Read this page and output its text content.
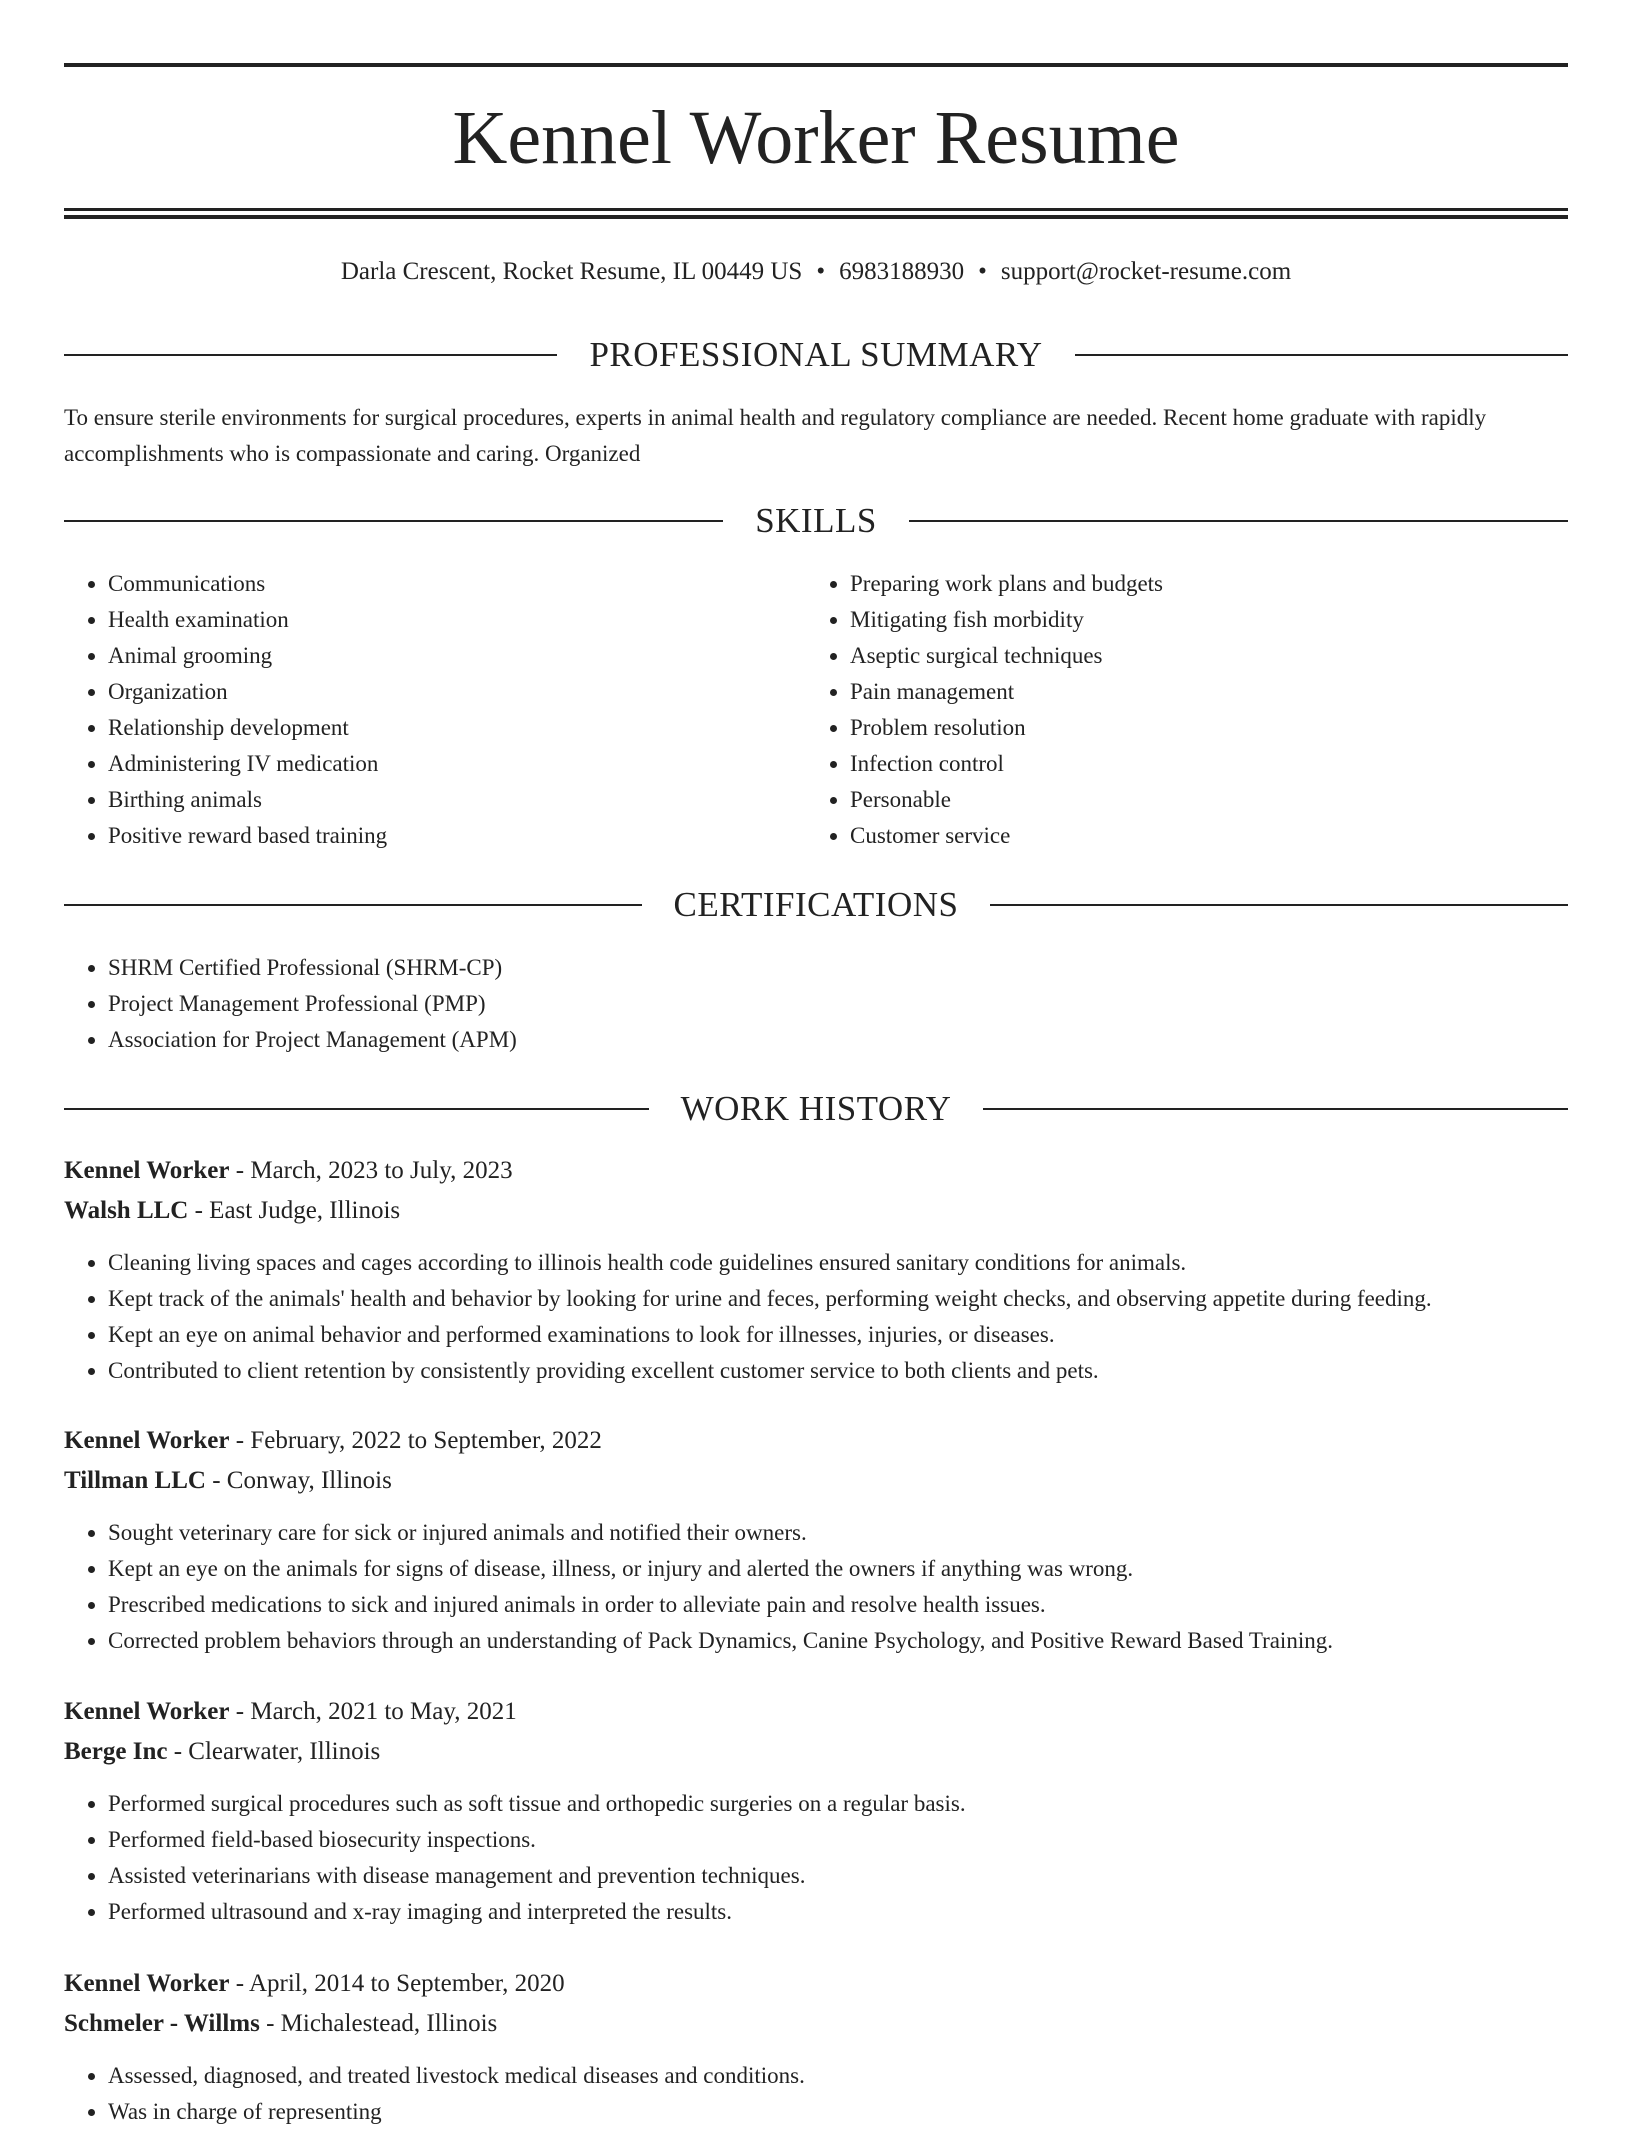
Kennel Worker Resume
Darla Crescent, Rocket Resume, IL 00449 US • 6983188930 • support@rocket-resume.com
PROFESSIONAL SUMMARY

To ensure sterile environments for surgical procedures, experts in animal health and regulatory compliance are needed. Recent home graduate with rapidly accomplishments who is compassionate and caring. Organized

SKILLS
• Communications
• Health examination
• Animal grooming
• Organization
• Relationship development
• Administering IV medication
• Birthing animals
• Positive reward based training
• Preparing work plans and budgets
• Mitigating fish morbidity
• Aseptic surgical techniques
• Pain management
• Problem resolution
• Infection control
• Personable
• Customer service
CERTIFICATIONS
• SHRM Certified Professional (SHRM-CP)
• Project Management Professional (PMP)
• Association for Project Management (APM)
WORK HISTORY
Kennel Worker - March, 2023 to July, 2023
Walsh LLC - East Judge, Illinois
• Cleaning living spaces and cages according to illinois health code guidelines ensured sanitary conditions for animals.
• Kept track of the animals' health and behavior by looking for urine and feces, performing weight checks, and observing appetite during feeding.
• Kept an eye on animal behavior and performed examinations to look for illnesses, injuries, or diseases.
• Contributed to client retention by consistently providing excellent customer service to both clients and pets.
Kennel Worker - February, 2022 to September, 2022
Tillman LLC - Conway, Illinois
• Sought veterinary care for sick or injured animals and notified their owners.
• Kept an eye on the animals for signs of disease, illness, or injury and alerted the owners if anything was wrong.
• Prescribed medications to sick and injured animals in order to alleviate pain and resolve health issues.
• Corrected problem behaviors through an understanding of Pack Dynamics, Canine Psychology, and Positive Reward Based Training.
Kennel Worker - March, 2021 to May, 2021
Berge Inc - Clearwater, Illinois
• Performed surgical procedures such as soft tissue and orthopedic surgeries on a regular basis.
• Performed field-based biosecurity inspections.
• Assisted veterinarians with disease management and prevention techniques.
• Performed ultrasound and x-ray imaging and interpreted the results.
Kennel Worker - April, 2014 to September, 2020
Schmeler - Willms - Michalestead, Illinois
• Assessed, diagnosed, and treated livestock medical diseases and conditions.
• Was in charge of representing
